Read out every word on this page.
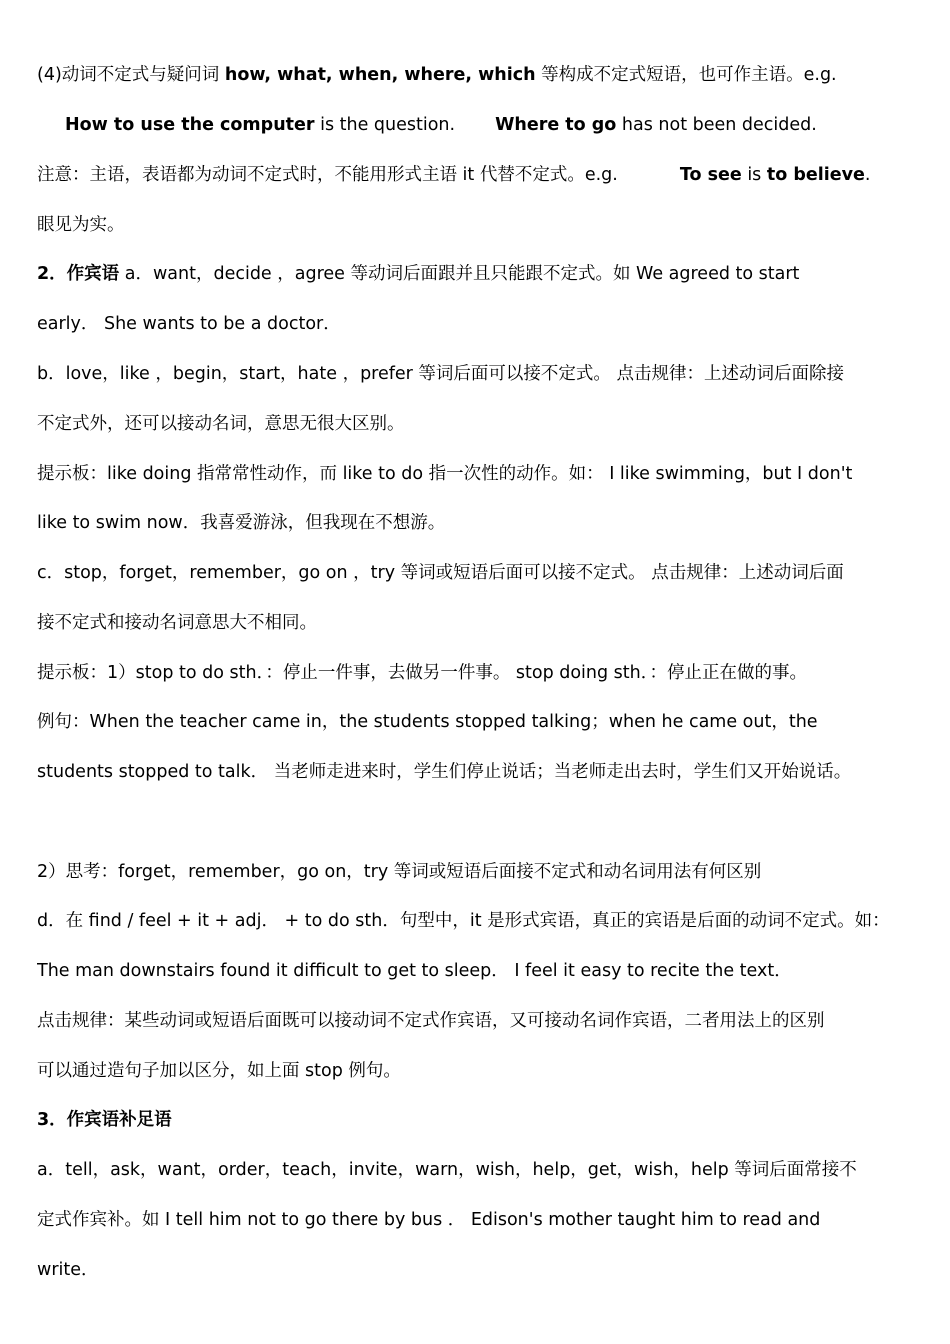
(4)动词不定式与疑问词 how, what, when, where, which 等构成不定式短语，也可作主语。e.g.
How to use the computer is the question. Where to go has not been decided.
注意：主语，表语都为动词不定式时，不能用形式主语 it 代替不定式。e.g.	To see is to believe.
眼见为实。
2．作宾语 a．want，decide ，agree 等动词后面跟并且只能跟不定式。如 We agreed to start
early． She wants to be a doctor．
b．love，like ，begin，start，hate ，prefer 等词后面可以接不定式。 点击规律：上述动词后面除接
不定式外，还可以接动名词，意思无很大区别。
提示板：like doing 指常常性动作，而 like to do 指一次性的动作。如： I like swimming，but I don't
like to swim now．我喜爱游泳，但我现在不想游。
c．stop，forget，remember，go on ，try 等词或短语后面可以接不定式。 点击规律：上述动词后面
接不定式和接动名词意思大不相同。
提示板：1）stop to do sth．：停止一件事，去做另一件事。 stop doing sth．：停止正在做的事。
例句：When the teacher came in，the students stopped talking；when he came out，the
students stopped to talk． 当老师走进来时，学生们停止说话；当老师走出去时，学生们又开始说话。
2）思考：forget，remember，go on，try 等词或短语后面接不定式和动名词用法有何区别
d．在 find / feel + it + adj． + to do sth．句型中，it 是形式宾语，真正的宾语是后面的动词不定式。如：
The man downstairs found it difficult to get to sleep． I feel it easy to recite the text．
点击规律：某些动词或短语后面既可以接动词不定式作宾语，又可接动名词作宾语，二者用法上的区别
可以通过造句子加以区分，如上面 stop 例句。
3．作宾语补足语
a．tell，ask，want，order，teach，invite，warn，wish，help，get，wish，help 等词后面常接不
定式作宾补。如 I tell him not to go there by bus ． Edison's mother taught him to read and
write．
